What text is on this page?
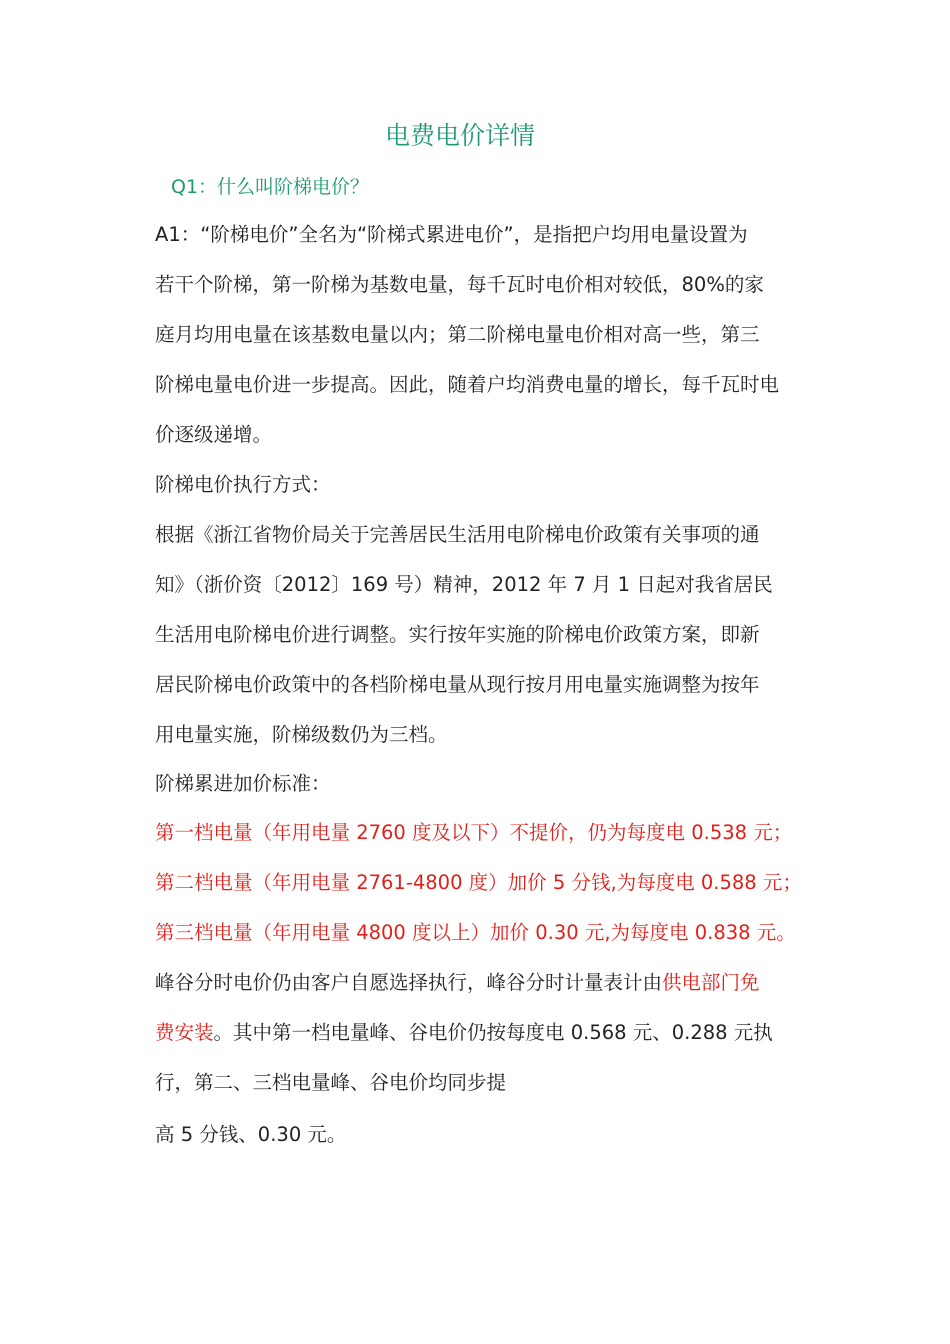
电费电价详情

Q1：什么叫阶梯电价？

A1：“阶梯电价”全名为“阶梯式累进电价”，是指把户均用电量设置为

若干个阶梯，第一阶梯为基数电量，每千瓦时电价相对较低，80%的家

庭月均用电量在该基数电量以内；第二阶梯电量电价相对高一些，第三

阶梯电量电价进一步提高。因此，随着户均消费电量的增长，每千瓦时电

价逐级递增。

阶梯电价执行方式：

根据《浙江省物价局关于完善居民生活用电阶梯电价政策有关事项的通

知》（浙价资〔2012〕169 号）精神，2012 年 7 月 1 日起对我省居民

生活用电阶梯电价进行调整。实行按年实施的阶梯电价政策方案，即新

居民阶梯电价政策中的各档阶梯电量从现行按月用电量实施调整为按年

用电量实施，阶梯级数仍为三档。

阶梯累进加价标准：

第一档电量（年用电量 2760 度及以下）不提价，仍为每度电 0.538 元；

第二档电量（年用电量 2761-4800 度）加价 5 分钱,为每度电 0.588 元；

第三档电量（年用电量 4800 度以上）加价 0.30 元,为每度电 0.838 元。

峰谷分时电价仍由客户自愿选择执行，峰谷分时计量表计由供电部门免

费安装。其中第一档电量峰、谷电价仍按每度电 0.568 元、0.288 元执

行，第二、三档电量峰、谷电价均同步提

高 5 分钱、0.30 元。
